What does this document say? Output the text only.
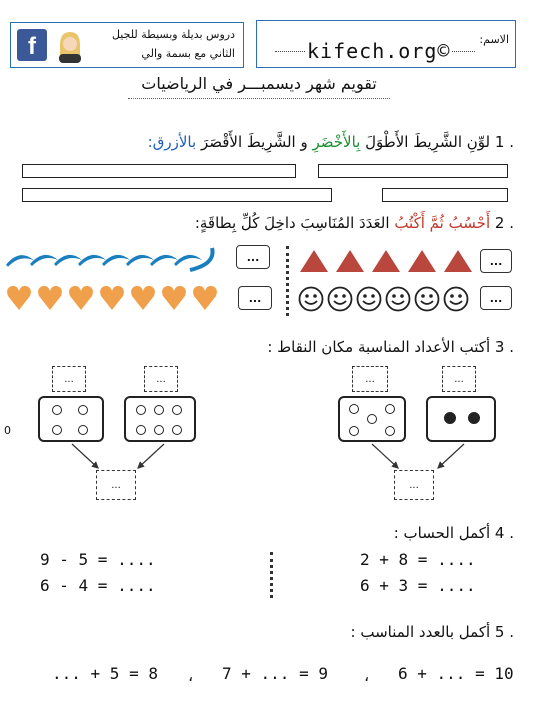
f	دروس بديلة وبسيطة للجيل
الثاني مع بسمة والي
الاسم:
kifech.org©
تقويم شهر ديسمبـــر في الرياضيات
. 1 لوِّنِ الشَّرِيطَ الأَطْوَلَ بِالأَخْضَرِ و الشَّرِيطَ الأَقْصَرَ بالأزرق:
. 2 أَحْسُبُ ثُمَّ أَكْتُبُ العَدَدَ المُنَاسِبَ داخِلَ كُلِّ بِطاقَةٍ:
...	...
...	...
. 3 أكتب الأعداد المناسبة مكان النقاط :
0
...	...	...	...
...	...
. 4 أكمل الحساب :
9 - 5 = ....
6 - 4 = ....
2 + 8 = ....
6 + 3 = ....
. 5 أكمل بالعدد المناسب :
... + 5 = 8 ، 7 + ... = 9 ، 6 + ... = 10
